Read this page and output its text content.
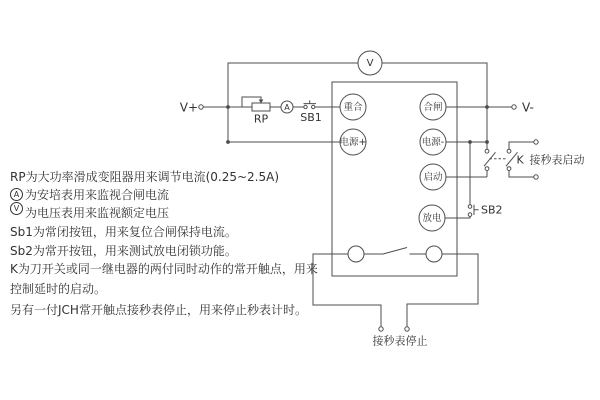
V+	V-
RP
A
V
SB1
SB2
K 接秒表启动
重合
电源+
合闸
电源-
启动
放电
接秒表停止
RP为大功率滑成变阻器用来调节电流(0.25~2.5A)
A 为安培表用来监视合闸电流
V 为电压表用来监视额定电压
Sb1为常闭按钮，用来复位合闸保持电流。
Sb2为常开按钮，用来测试放电闭锁功能。
K为刀开关或同一继电器的两付同时动作的常开触点，用来
控制延时的启动。
另有一付JCH常开触点接秒表停止，用来停止秒表计时。
